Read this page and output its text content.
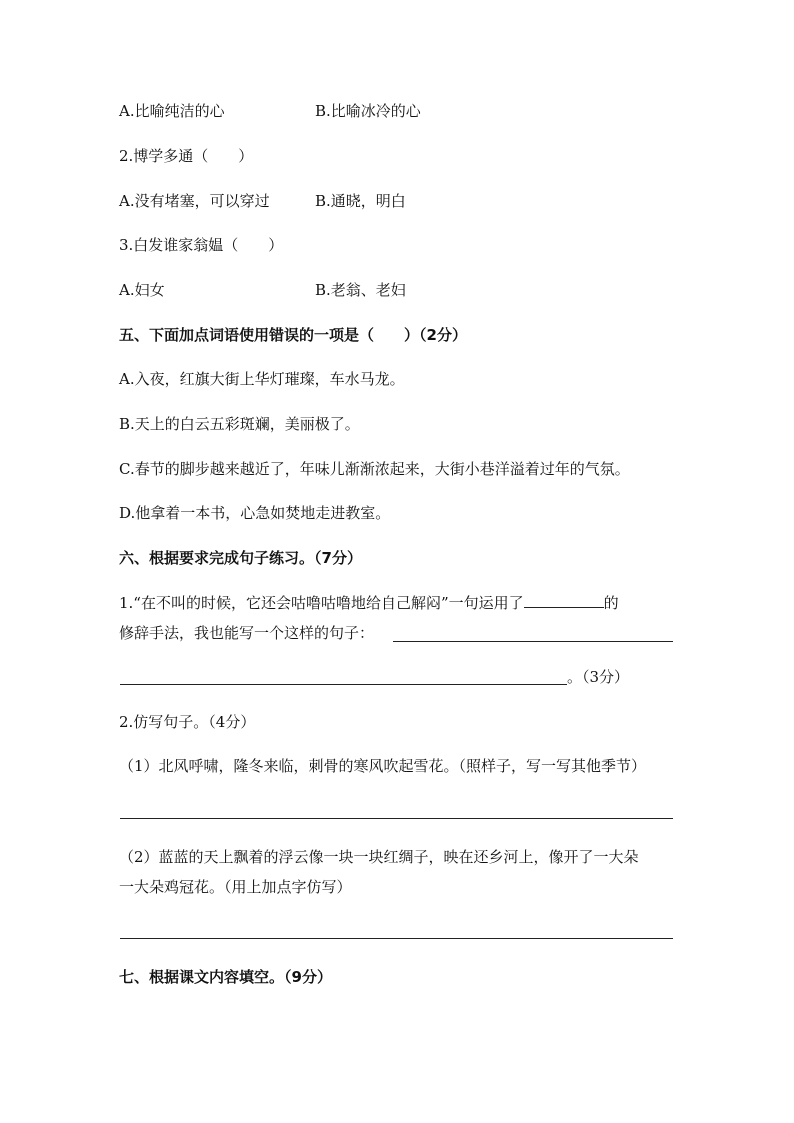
A.比喻纯洁的心	B.比喻冰冷的心
2.博学多通（　　）
A.没有堵塞，可以穿过	B.通晓，明白
3.白发谁家翁媪（　　）
A.妇女	B.老翁、老妇
五、下面加点词语使用错误的一项是（　　）（2分）
A.入夜，红旗大街上华灯璀璨，车水马龙。
B.天上的白云五彩斑斓，美丽极了。
C.春节的脚步越来越近了，年味儿渐渐浓起来，大街小巷洋溢着过年的气氛。
D.他拿着一本书，心急如焚地走进教室。
六、根据要求完成句子练习。（7分）
1.“在不叫的时候，它还会咕噜咕噜地给自己解闷”一句运用了	的
修辞手法，我也能写一个这样的句子：
。（3分）
2.仿写句子。（4分）
（1）北风呼啸，隆冬来临，刺骨的寒风吹起雪花。（照样子，写一写其他季节）
（2）蓝蓝的天上飘着的浮云像一块一块红绸子，映在还乡河上，像开了一大朵
一大朵鸡冠花。（用上加点字仿写）
七、根据课文内容填空。（9分）
